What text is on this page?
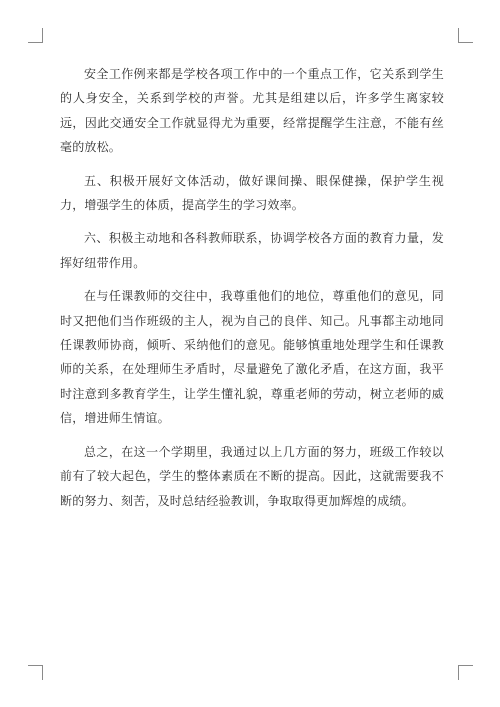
安全工作例来都是学校各项工作中的一个重点工作，它关系到学生的人身安全，关系到学校的声誉。尤其是组建以后，许多学生离家较远，因此交通安全工作就显得尤为重要，经常提醒学生注意，不能有丝毫的放松。

五、积极开展好文体活动，做好课间操、眼保健操，保护学生视力，增强学生的体质，提高学生的学习效率。

六、积极主动地和各科教师联系，协调学校各方面的教育力量，发挥好纽带作用。

在与任课教师的交往中，我尊重他们的地位，尊重他们的意见，同时又把他们当作班级的主人，视为自己的良伴、知己。凡事都主动地同任课教师协商，倾听、采纳他们的意见。能够慎重地处理学生和任课教师的关系，在处理师生矛盾时，尽量避免了激化矛盾，在这方面，我平时注意到多教育学生，让学生懂礼貌，尊重老师的劳动，树立老师的威信，增进师生情谊。

总之，在这一个学期里，我通过以上几方面的努力，班级工作较以前有了较大起色，学生的整体素质在不断的提高。因此，这就需要我不断的努力、刻苦，及时总结经验教训，争取取得更加辉煌的成绩。
